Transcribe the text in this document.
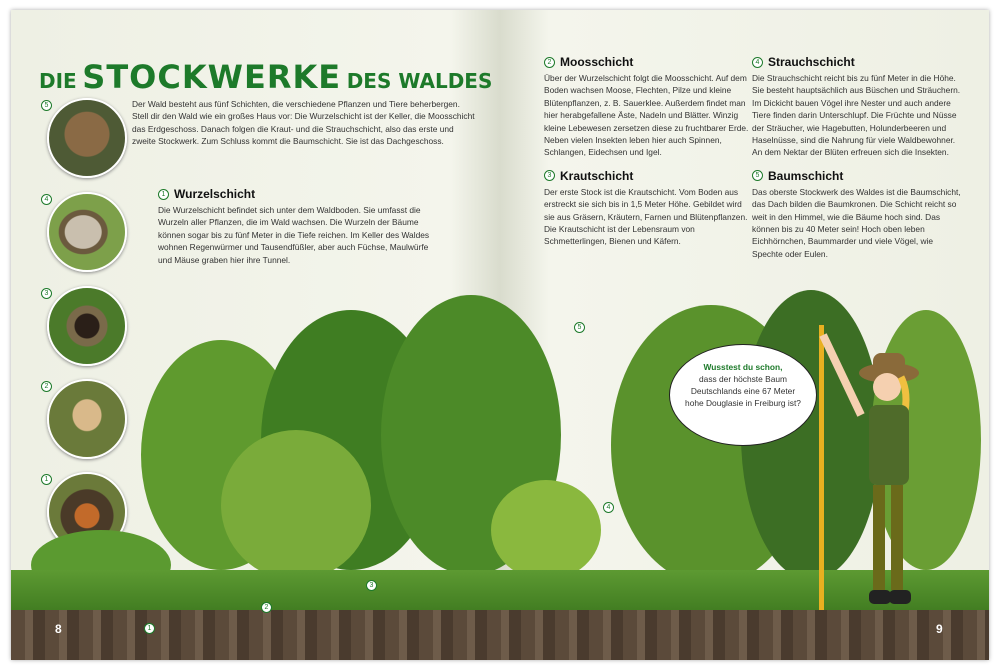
DIE STOCKWERKE DES WALDES
Der Wald besteht aus fünf Schichten, die verschiedene Pflanzen und Tiere beherbergen. Stell dir den Wald wie ein großes Haus vor: Die Wurzelschicht ist der Keller, die Moosschicht das Erdgeschoss. Danach folgen die Kraut- und die Strauchschicht, also das erste und zweite Stockwerk. Zum Schluss kommt die Baumschicht. Sie ist das Dachgeschoss.
1 Wurzelschicht
Die Wurzelschicht befindet sich unter dem Waldboden. Sie umfasst die Wurzeln aller Pflanzen, die im Wald wachsen. Die Wurzeln der Bäume können sogar bis zu fünf Meter in die Tiefe reichen. Im Keller des Waldes wohnen Regenwürmer und Tausendfüßler, aber auch Füchse, Maulwürfe und Mäuse graben hier ihre Tunnel.
2 Moosschicht
Über der Wurzelschicht folgt die Moosschicht. Auf dem Boden wachsen Moose, Flechten, Pilze und kleine Blütenpflanzen, z. B. Sauerklee. Außerdem findet man hier herabgefallene Äste, Nadeln und Blätter. Winzig kleine Lebewesen zersetzen diese zu fruchtbarer Erde. Neben vielen Insekten leben hier auch Spinnen, Schlangen, Eidechsen und Igel.
3 Krautschicht
Der erste Stock ist die Krautschicht. Vom Boden aus erstreckt sie sich bis in 1,5 Meter Höhe. Gebildet wird sie aus Gräsern, Kräutern, Farnen und Blütenpflanzen. Die Krautschicht ist der Lebensraum von Schmetterlingen, Bienen und Käfern.
4 Strauchschicht
Die Strauchschicht reicht bis zu fünf Meter in die Höhe. Sie besteht hauptsächlich aus Büschen und Sträuchern. Im Dickicht bauen Vögel ihre Nester und auch andere Tiere finden darin Unterschlupf. Die Früchte und Nüsse der Sträucher, wie Hagebutten, Holunderbeeren und Haselnüsse, sind die Nahrung für viele Waldbewohner. An dem Nektar der Blüten erfreuen sich die Insekten.
5 Baumschicht
Das oberste Stockwerk des Waldes ist die Baumschicht, das Dach bilden die Baumkronen. Die Schicht reicht so weit in den Himmel, wie die Bäume hoch sind. Das können bis zu 40 Meter sein! Hoch oben leben Eichhörnchen, Baummarder und viele Vögel, wie Spechte oder Eulen.
5
4
3
2
1
1
2
3
4
5
Wusstest du schon,
dass der höchste Baum Deutschlands eine 67 Meter hohe Douglasie in Freiburg ist?
8	9
